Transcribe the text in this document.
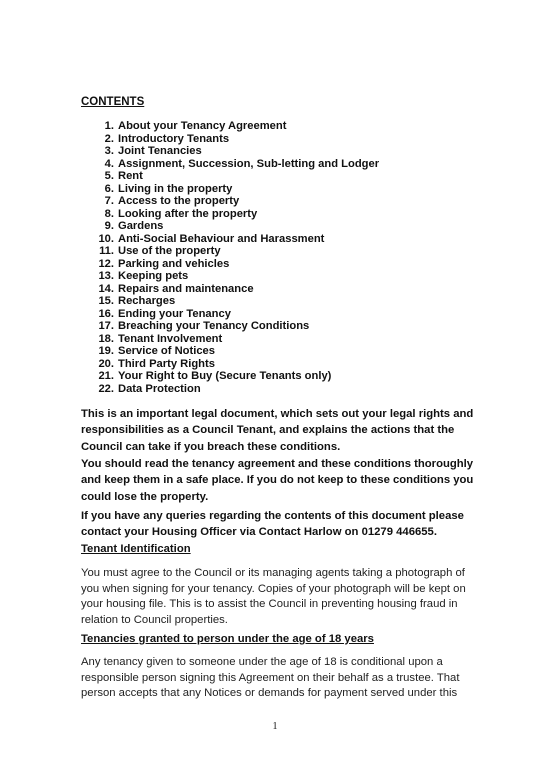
CONTENTS
1. About your Tenancy Agreement
2. Introductory Tenants
3. Joint Tenancies
4. Assignment, Succession, Sub-letting and Lodger
5. Rent
6. Living in the property
7. Access to the property
8. Looking after the property
9. Gardens
10. Anti-Social Behaviour and Harassment
11. Use of the property
12. Parking and vehicles
13. Keeping pets
14. Repairs and maintenance
15. Recharges
16. Ending your Tenancy
17. Breaching your Tenancy Conditions
18. Tenant Involvement
19. Service of Notices
20. Third Party Rights
21. Your Right to Buy (Secure Tenants only)
22. Data Protection

This is an important legal document, which sets out your legal rights and responsibilities as a Council Tenant, and explains the actions that the Council can take if you breach these conditions.

You should read the tenancy agreement and these conditions thoroughly and keep them in a safe place. If you do not keep to these conditions you could lose the property.

If you have any queries regarding the contents of this document please contact your Housing Officer via Contact Harlow on 01279 446655.

Tenant Identification

You must agree to the Council or its managing agents taking a photograph of you when signing for your tenancy. Copies of your photograph will be kept on your housing file. This is to assist the Council in preventing housing fraud in relation to Council properties.

Tenancies granted to person under the age of 18 years

Any tenancy given to someone under the age of 18 is conditional upon a responsible person signing this Agreement on their behalf as a trustee. That person accepts that any Notices or demands for payment served under this

1
